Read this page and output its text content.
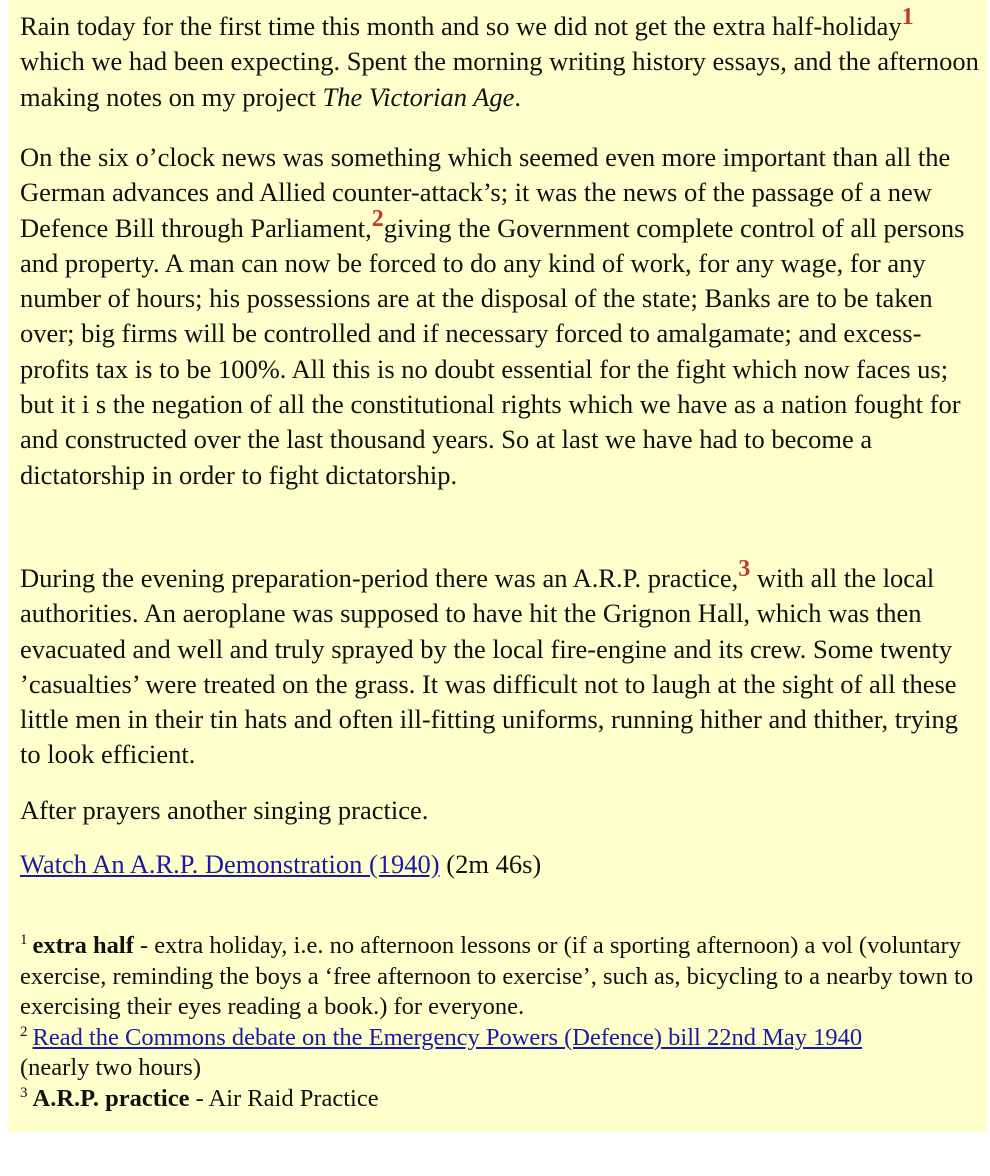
Rain today for the first time this month and so we did not get the extra half-holiday$^1$ which we had been expecting. Spent the morning writing history essays, and the afternoon making notes on my project The Victorian Age.

On the six o’clock news was something which seemed even more important than all the German advances and Allied counter-attack’s; it was the news of the passage of a new Defence Bill through Parliament,$^2$giving the Government complete control of all persons and property. A man can now be forced to do any kind of work, for any wage, for any number of hours; his possessions are at the disposal of the state; Banks are to be taken over; big firms will be controlled and if necessary forced to amalgamate; and excess-profits tax is to be 100%. All this is no doubt essential for the fight which now faces us; but it i s the negation of all the constitutional rights which we have as a nation fought for and constructed over the last thousand years. So at last we have had to become a dictatorship in order to fight dictatorship.

During the evening preparation-period there was an A.R.P. practice,$^3$ with all the local authorities. An aeroplane was supposed to have hit the Grignon Hall, which was then evacuated and well and truly sprayed by the local fire-engine and its crew. Some twenty ’casualties’ were treated on the grass. It was difficult not to laugh at the sight of all these little men in their tin hats and often ill-fitting uniforms, running hither and thither, trying to look efficient.

After prayers another singing practice.

Watch An A.R.P. Demonstration (1940) (2m 46s)

$^1$ extra half - extra holiday, i.e. no afternoon lessons or (if a sporting afternoon) a vol (voluntary exercise, reminding the boys a ‘free afternoon to exercise’, such as, bicycling to a nearby town to exercising their eyes reading a book.) for everyone.

$^2$ Read the Commons debate on the Emergency Powers (Defence) bill 22nd May 1940
(nearly two hours)

$^3$ A.R.P. practice - Air Raid Practice
